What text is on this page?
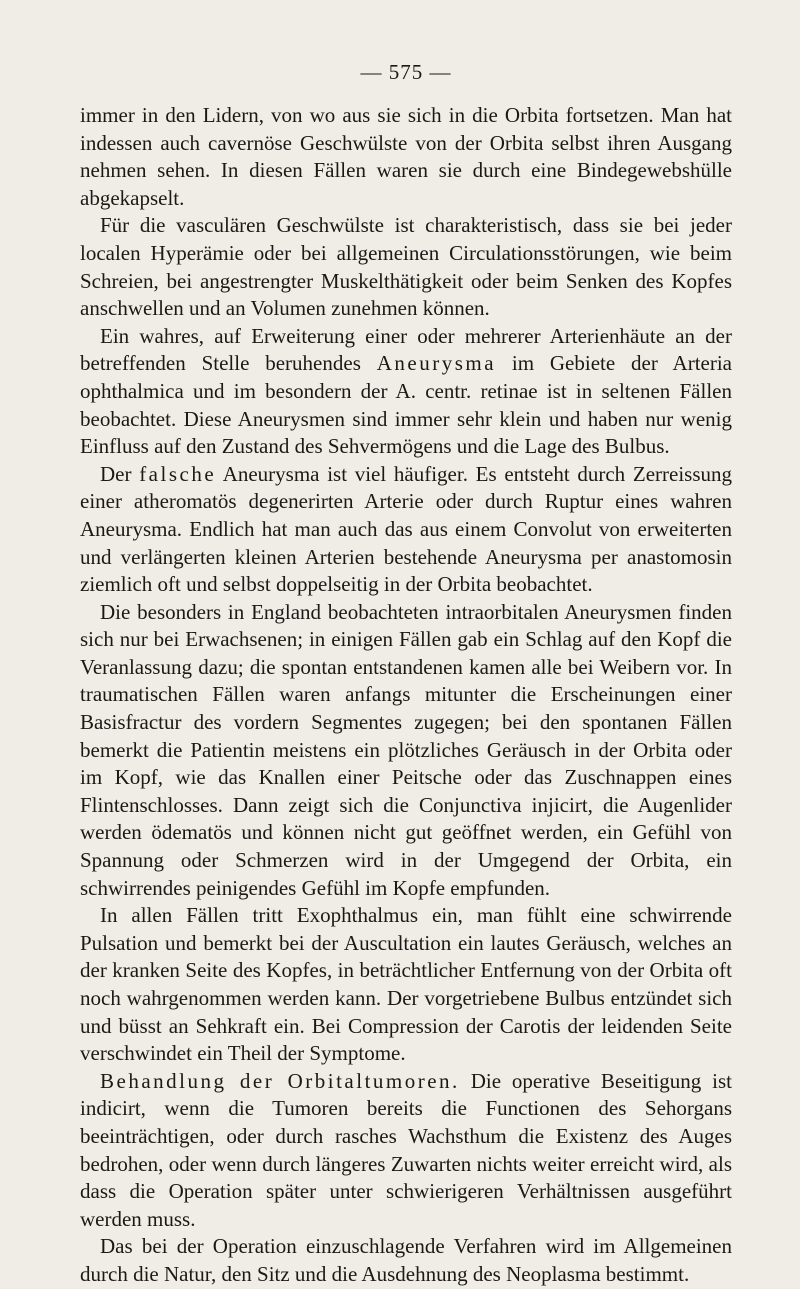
— 575 —

immer in den Lidern, von wo aus sie sich in die Orbita fortsetzen. Man hat indessen auch cavernöse Geschwülste von der Orbita selbst ihren Ausgang nehmen sehen. In diesen Fällen waren sie durch eine Bindegewebshülle abgekapselt.

Für die vasculären Geschwülste ist charakteristisch, dass sie bei jeder localen Hyperämie oder bei allgemeinen Circulationsstörungen, wie beim Schreien, bei angestrengter Muskelthätigkeit oder beim Senken des Kopfes anschwellen und an Volumen zunehmen können.

Ein wahres, auf Erweiterung einer oder mehrerer Arterienhäute an der betreffenden Stelle beruhendes Aneurysma im Gebiete der Arteria ophthalmica und im besondern der A. centr. retinae ist in seltenen Fällen beobachtet. Diese Aneurysmen sind immer sehr klein und haben nur wenig Einfluss auf den Zustand des Sehvermögens und die Lage des Bulbus.

Der falsche Aneurysma ist viel häufiger. Es entsteht durch Zerreissung einer atheromatös degenerirten Arterie oder durch Ruptur eines wahren Aneurysma. Endlich hat man auch das aus einem Convolut von erweiterten und verlängerten kleinen Arterien bestehende Aneurysma per anastomosin ziemlich oft und selbst doppelseitig in der Orbita beobachtet.

Die besonders in England beobachteten intraorbitalen Aneurysmen finden sich nur bei Erwachsenen; in einigen Fällen gab ein Schlag auf den Kopf die Veranlassung dazu; die spontan entstandenen kamen alle bei Weibern vor. In traumatischen Fällen waren anfangs mitunter die Erscheinungen einer Basisfractur des vordern Segmentes zugegen; bei den spontanen Fällen bemerkt die Patientin meistens ein plötzliches Geräusch in der Orbita oder im Kopf, wie das Knallen einer Peitsche oder das Zuschnappen eines Flintenschlosses. Dann zeigt sich die Conjunctiva injicirt, die Augenlider werden ödematös und können nicht gut geöffnet werden, ein Gefühl von Spannung oder Schmerzen wird in der Umgegend der Orbita, ein schwirrendes peinigendes Gefühl im Kopfe empfunden.

In allen Fällen tritt Exophthalmus ein, man fühlt eine schwirrende Pulsation und bemerkt bei der Auscultation ein lautes Geräusch, welches an der kranken Seite des Kopfes, in beträchtlicher Entfernung von der Orbita oft noch wahrgenommen werden kann. Der vorgetriebene Bulbus entzündet sich und büsst an Sehkraft ein. Bei Compression der Carotis der leidenden Seite verschwindet ein Theil der Symptome.

Behandlung der Orbitaltumoren. Die operative Beseitigung ist indicirt, wenn die Tumoren bereits die Functionen des Sehorgans beeinträchtigen, oder durch rasches Wachsthum die Existenz des Auges bedrohen, oder wenn durch längeres Zuwarten nichts weiter erreicht wird, als dass die Operation später unter schwierigeren Verhältnissen ausgeführt werden muss.

Das bei der Operation einzuschlagende Verfahren wird im Allgemeinen durch die Natur, den Sitz und die Ausdehnung des Neoplasma bestimmt.
